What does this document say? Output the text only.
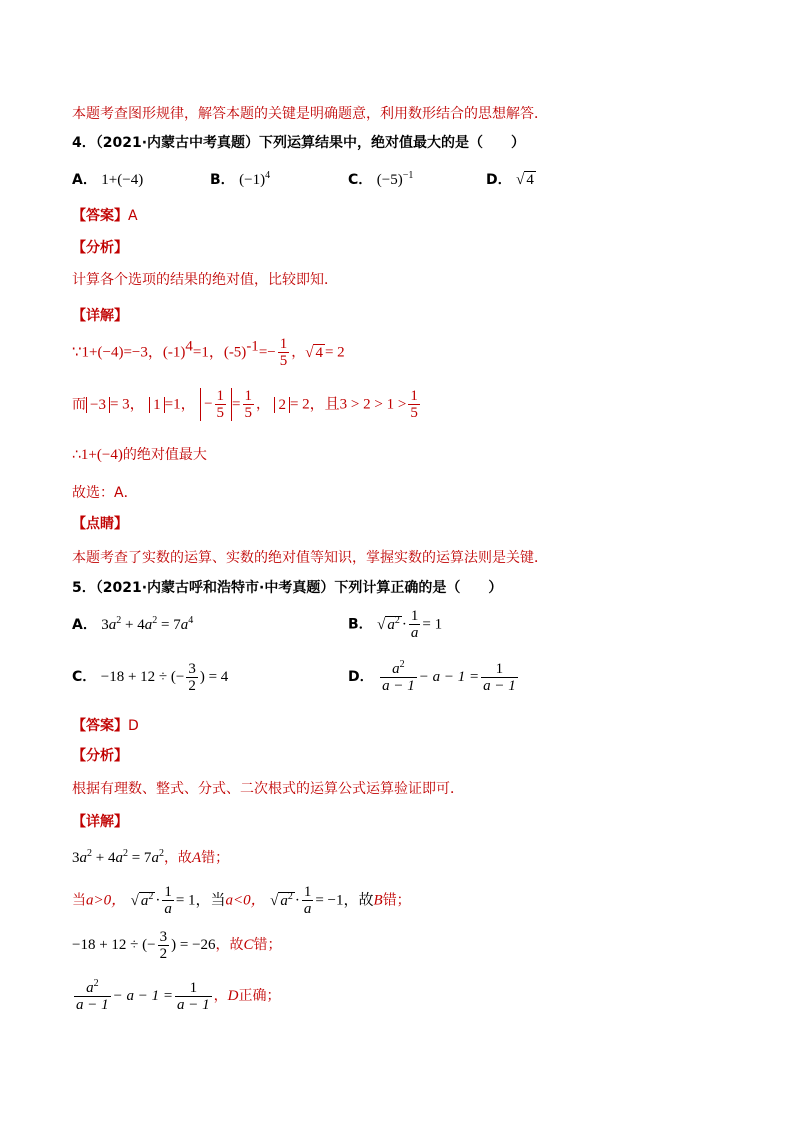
本题考查图形规律，解答本题的关键是明确题意，利用数形结合的思想解答．
4．（2021·内蒙古中考真题）下列运算结果中，绝对值最大的是（　　）
A． 1+(−4)	B． $(-1)^4$	C． $(-5)^{-1}$	D． √ 4
【答案】A
【分析】
计算各个选项的结果的绝对值，比较即知．
【详解】
∵1+(−4)=−3，$(-1)^4=1$，$(-5)^{-1}=- \frac{1}{5}$ ，√ 4 = 2
而 −3 = 3， 1 =1， − $\frac{1}{5} = \frac{1}{5}$ ， 2 = 2，且$3 > 2 > 1 > \frac{1}{5}$
∴1+(−4)的绝对值最大
故选：A．
【点睛】
本题考查了实数的运算、实数的绝对值等知识，掌握实数的运算法则是关键．
5．（2021·内蒙古呼和浩特市·中考真题）下列计算正确的是（　　）
A． $3a^2 + 4a^2 = 7a^4$	B． √ $a^2 \cdot \frac{1}{a} = 1$
C． −18 + 12 ÷ (− $\frac{3}{2}$ ) = 4	D． $\frac{a^2}{a - 1} - a - 1 = \frac{1}{a - 1}$
【答案】D
【分析】
根据有理数、整式、分式、二次根式的运算公式运算验证即可．
【详解】
$3a^2 + 4a^2 = 7a^2$，故A错；
当a>0， √ $a^2 \cdot \frac{1}{a} = 1$，当a<0， √ $a^2 \cdot \frac{1}{a} = -1$，故B错；
−18 + 12 ÷ (− $\frac{3}{2}$ ) = −26，故C错；
$\frac{a^2}{a - 1} - a - 1 = \frac{1}{a - 1}$ ，D正确；
